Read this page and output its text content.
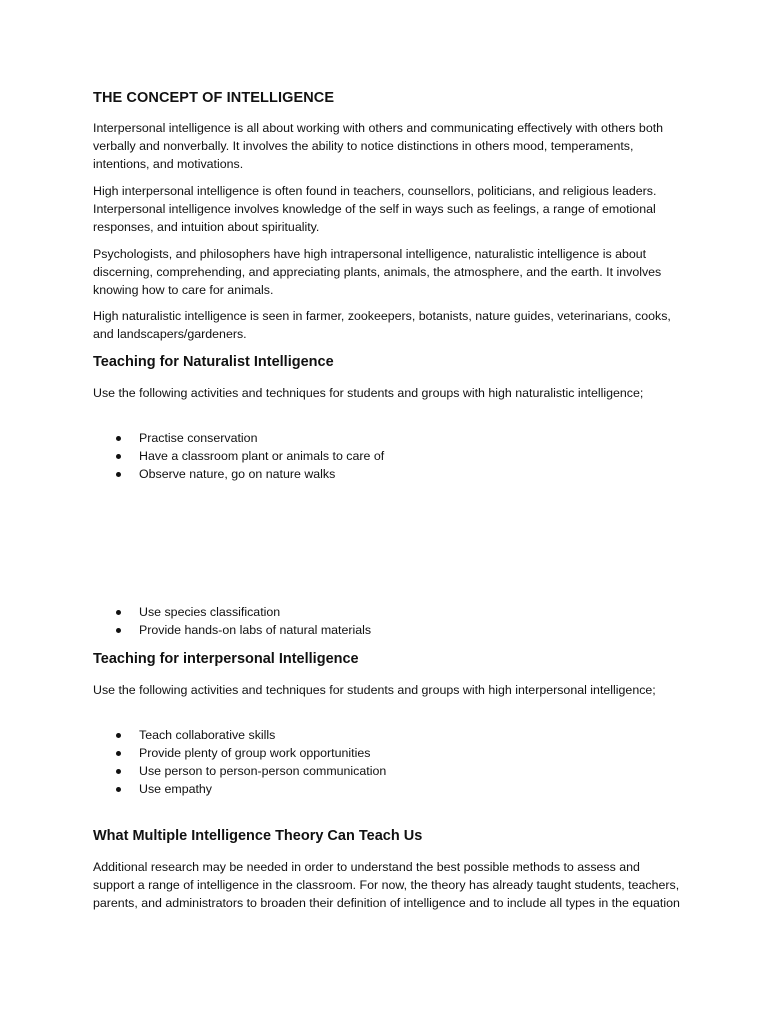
THE CONCEPT OF INTELLIGENCE

Interpersonal intelligence is all about working with others and communicating effectively with others both verbally and nonverbally. It involves the ability to notice distinctions in others mood, temperaments, intentions, and motivations.

High interpersonal intelligence is often found in teachers, counsellors, politicians, and religious leaders. Interpersonal intelligence involves knowledge of the self in ways such as feelings, a range of emotional responses, and intuition about spirituality.

Psychologists, and philosophers have high intrapersonal intelligence, naturalistic intelligence is about discerning, comprehending, and appreciating plants, animals, the atmosphere, and the earth. It involves knowing how to care for animals.

High naturalistic intelligence is seen in farmer, zookeepers, botanists, nature guides, veterinarians, cooks, and landscapers/gardeners.

Teaching for Naturalist Intelligence

Use the following activities and techniques for students and groups with high naturalistic intelligence;

Practise conservation
Have a classroom plant or animals to care of
Observe nature, go on nature walks
Use species classification
Provide hands-on labs of natural materials
Teaching for interpersonal Intelligence

Use the following activities and techniques for students and groups with high interpersonal intelligence;

Teach collaborative skills
Provide plenty of group work opportunities
Use person to person-person communication
Use empathy
What Multiple Intelligence Theory Can Teach Us

Additional research may be needed in order to understand the best possible methods to assess and support a range of intelligence in the classroom. For now, the theory has already taught students, teachers, parents, and administrators to broaden their definition of intelligence and to include all types in the equation
